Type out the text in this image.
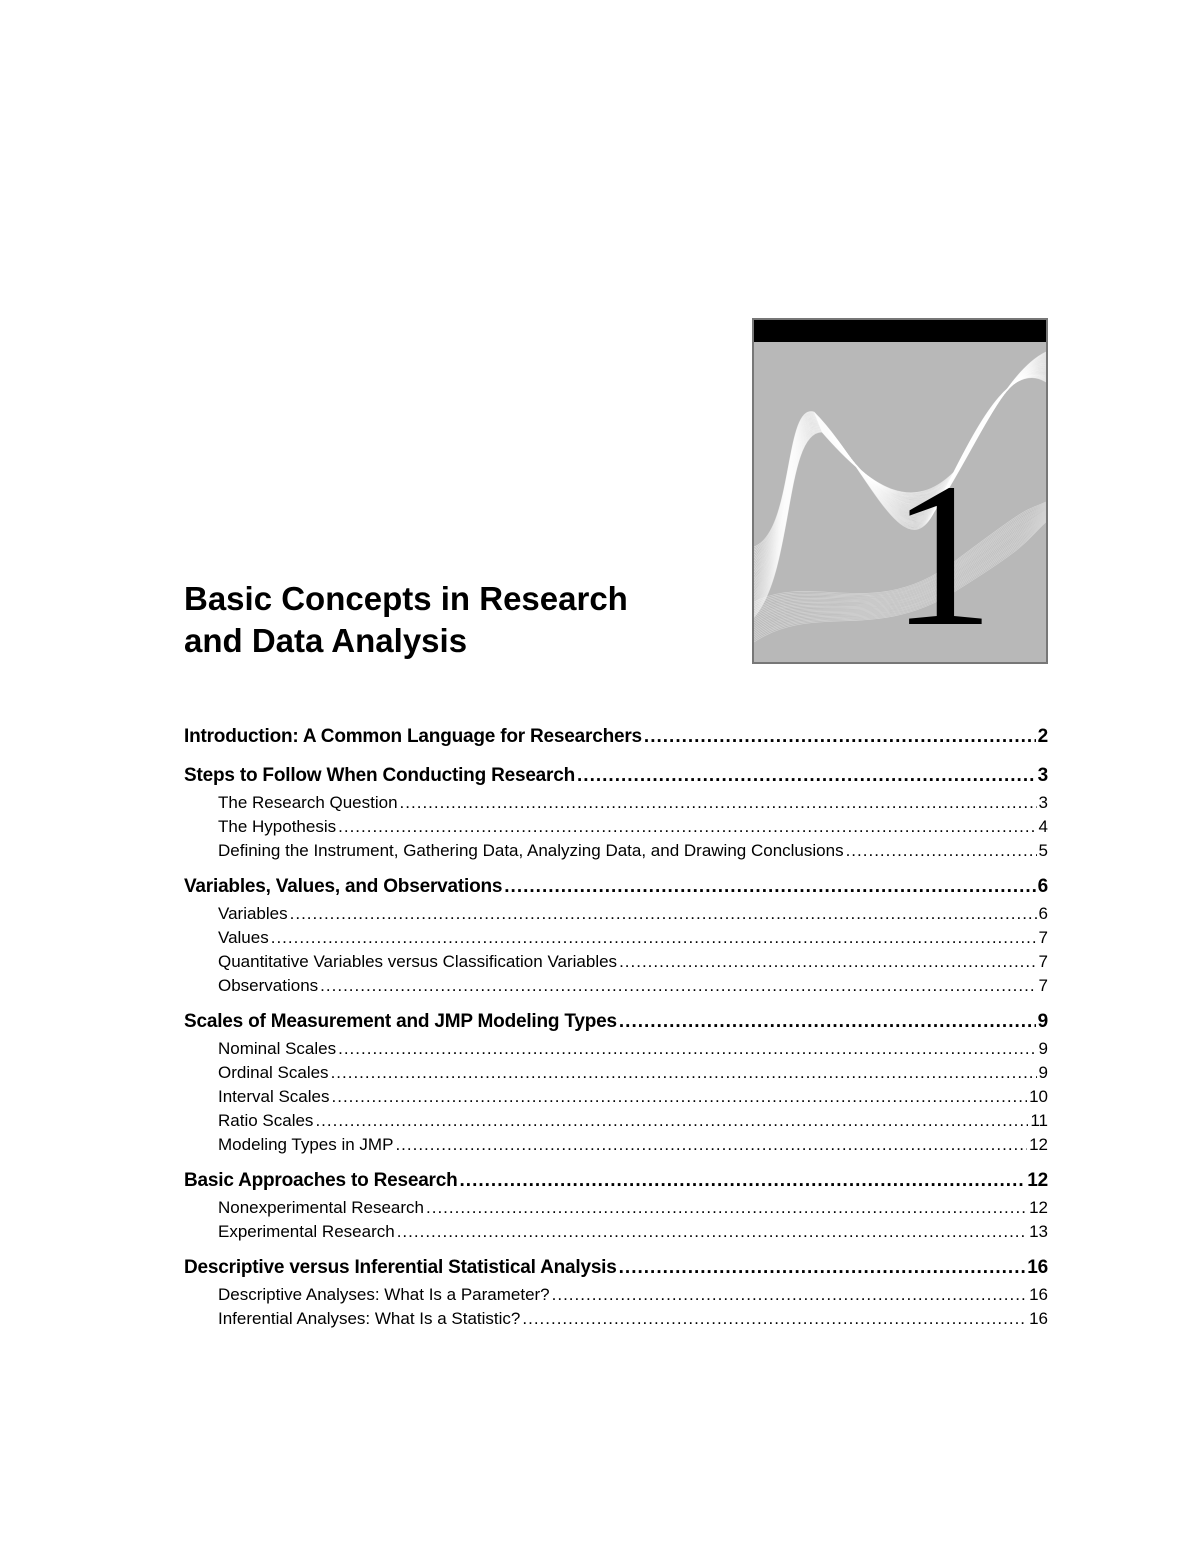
1
Basic Concepts in Research
and Data Analysis
Introduction: A Common Language for Researchers .....	2
Steps to Follow When Conducting Research .....	3
The Research Question .....	3
The Hypothesis .....	4
Defining the Instrument, Gathering Data, Analyzing Data, and Drawing Conclusions .....	5
Variables, Values, and Observations .....	6
Variables .....	6
Values .....	7
Quantitative Variables versus Classification Variables .....	7
Observations .....	7
Scales of Measurement and JMP Modeling Types .....	9
Nominal Scales .....	9
Ordinal Scales .....	9
Interval Scales .....	10
Ratio Scales .....	11
Modeling Types in JMP .....	12
Basic Approaches to Research .....	12
Nonexperimental Research .....	12
Experimental Research .....	13
Descriptive versus Inferential Statistical Analysis .....	16
Descriptive Analyses: What Is a Parameter? .....	16
Inferential Analyses: What Is a Statistic? .....	16
